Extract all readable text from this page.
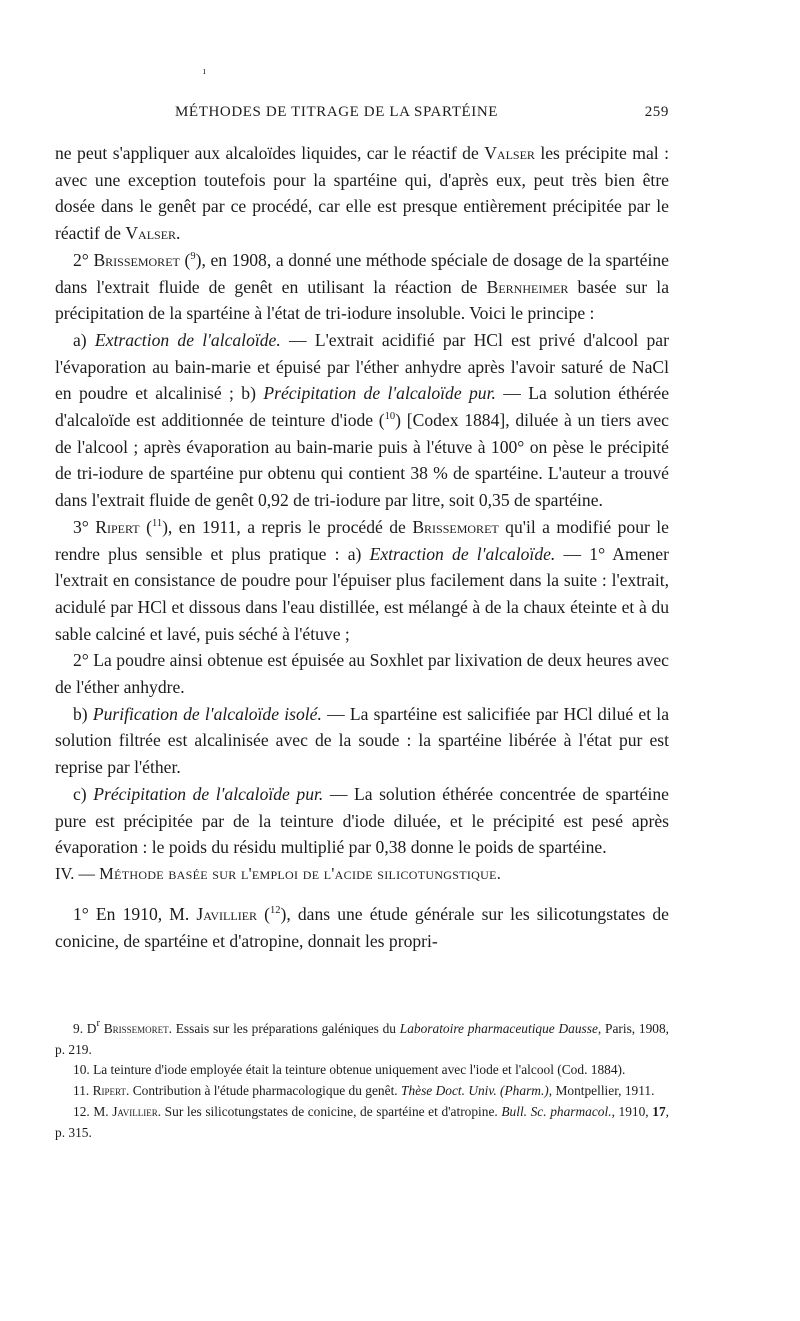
ı
MÉTHODES DE TITRAGE DE LA SPARTÉINE	259

ne peut s'appliquer aux alcaloïdes liquides, car le réactif de Valser les précipite mal : avec une exception toutefois pour la spartéine qui, d'après eux, peut très bien être dosée dans le genêt par ce procédé, car elle est presque entièrement précipitée par le réactif de Valser.

2° Brissemoret ($^9$), en 1908, a donné une méthode spéciale de dosage de la spartéine dans l'extrait fluide de genêt en utilisant la réaction de Bernheimer basée sur la précipitation de la spartéine à l'état de tri-iodure insoluble. Voici le principe :

a) Extraction de l'alcaloïde. — L'extrait acidifié par HCl est privé d'alcool par l'évaporation au bain-marie et épuisé par l'éther anhydre après l'avoir saturé de NaCl en poudre et alcalinisé ; b) Précipitation de l'alcaloïde pur. — La solution éthérée d'alcaloïde est additionnée de teinture d'iode ($^{10}$) [Codex 1884], diluée à un tiers avec de l'alcool ; après évaporation au bain-marie puis à l'étuve à 100° on pèse le précipité de tri-iodure de spartéine pur obtenu qui contient 38 % de spartéine. L'auteur a trouvé dans l'extrait fluide de genêt 0,92 de tri-iodure par litre, soit 0,35 de spartéine.

3° Ripert ($^{11}$), en 1911, a repris le procédé de Brissemoret qu'il a modifié pour le rendre plus sensible et plus pratique : a) Extraction de l'alcaloïde. — 1° Amener l'extrait en consistance de poudre pour l'épuiser plus facilement dans la suite : l'extrait, acidulé par HCl et dissous dans l'eau distillée, est mélangé à de la chaux éteinte et à du sable calciné et lavé, puis séché à l'étuve ;

2° La poudre ainsi obtenue est épuisée au Soxhlet par lixivation de deux heures avec de l'éther anhydre.

b) Purification de l'alcaloïde isolé. — La spartéine est salicifiée par HCl dilué et la solution filtrée est alcalinisée avec de la soude : la spartéine libérée à l'état pur est reprise par l'éther.

c) Précipitation de l'alcaloïde pur. — La solution éthérée concentrée de spartéine pure est précipitée par de la teinture d'iode diluée, et le précipité est pesé après évaporation : le poids du résidu multiplié par 0,38 donne le poids de spartéine.

IV. — Méthode basée sur l'emploi de l'acide silicotungstique.

1° En 1910, M. Javillier ($^{12}$), dans une étude générale sur les silicotungstates de conicine, de spartéine et d'atropine, donnait les propri-

9. $D^r$ Brissemoret. Essais sur les préparations galéniques du Laboratoire pharmaceutique Dausse, Paris, 1908, p. 219.

10. La teinture d'iode employée était la teinture obtenue uniquement avec l'iode et l'alcool (Cod. 1884).

11. Ripert. Contribution à l'étude pharmacologique du genêt. Thèse Doct. Univ. (Pharm.), Montpellier, 1911.

12. M. Javillier. Sur les silicotungstates de conicine, de spartéine et d'atropine. Bull. Sc. pharmacol., 1910, 17, p. 315.
